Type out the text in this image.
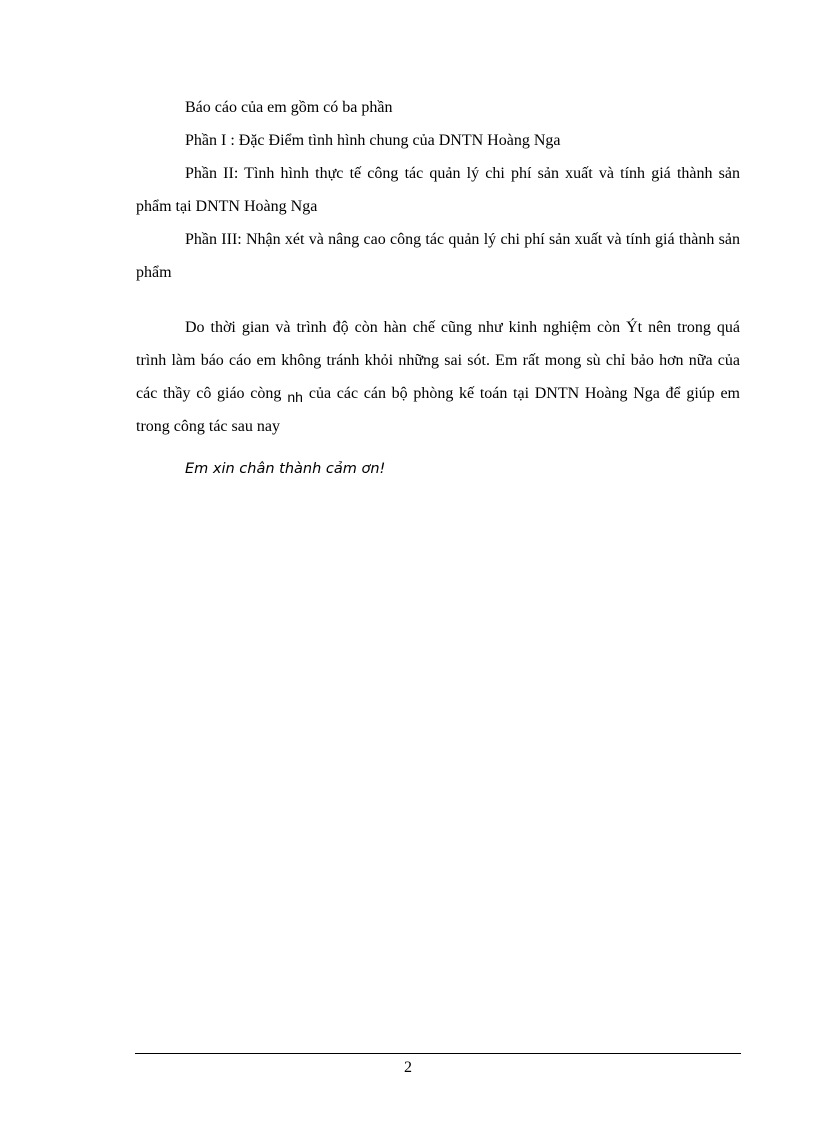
Báo cáo của em gồm có ba phần

Phần I : Đặc Điểm tình hình chung của DNTN Hoàng Nga

Phần II: Tình hình thực tế công tác quản lý chi phí sản xuất và tính giá thành sản phẩm tại DNTN Hoàng Nga

Phần III: Nhận xét và nâng cao công tác quản lý chi phí sản xuất và tính giá thành sản phẩm

Do thời gian và trình độ còn hàn chế cũng như kinh nghiệm còn Ýt nên trong quá trình làm báo cáo em không tránh khỏi những sai sót. Em rất mong sù chỉ bảo hơn nữa của các thầy cô giáo còng nh của các cán bộ phòng kế toán tại DNTN Hoàng Nga để giúp em trong công tác sau nay

Em xin chân thành cảm ơn!

2
